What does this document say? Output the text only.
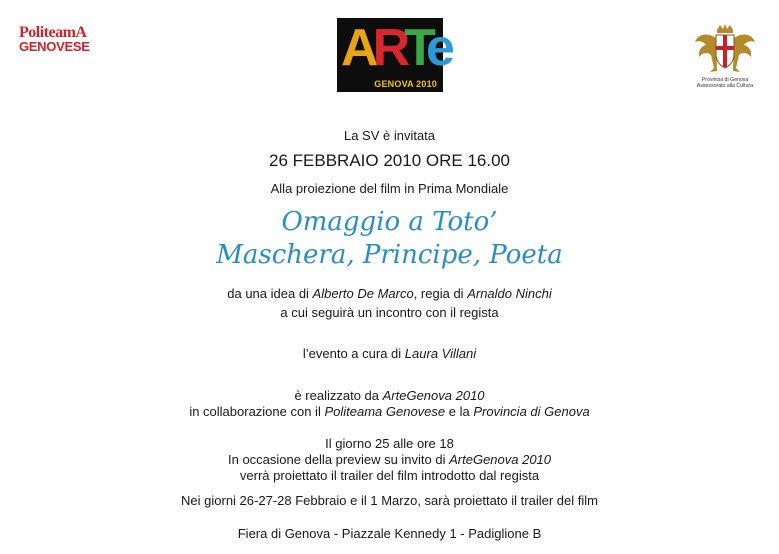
PoliteamA
GENOVESE	ARTe
GENOVA 2010	Provincia di Genova
Assessorato alla Cultura
La SV è invitata
26 FEBBRAIO 2010 ORE 16.00
Alla proiezione del film in Prima Mondiale
Omaggio a Toto’
Maschera, Principe, Poeta
da una idea di Alberto De Marco, regia di Arnaldo Ninchi
a cui seguirà un incontro con il regista
l’evento a cura di Laura Villani
è realizzato da ArteGenova 2010
in collaborazione con il Politeama Genovese e la Provincia di Genova
Il giorno 25 alle ore 18
In occasione della preview su invito di ArteGenova 2010
verrà proiettato il trailer del film introdotto dal regista
Nei giorni 26-27-28 Febbraio e il 1 Marzo, sarà proiettato il trailer del film
Fiera di Genova - Piazzale Kennedy 1 - Padiglione B
